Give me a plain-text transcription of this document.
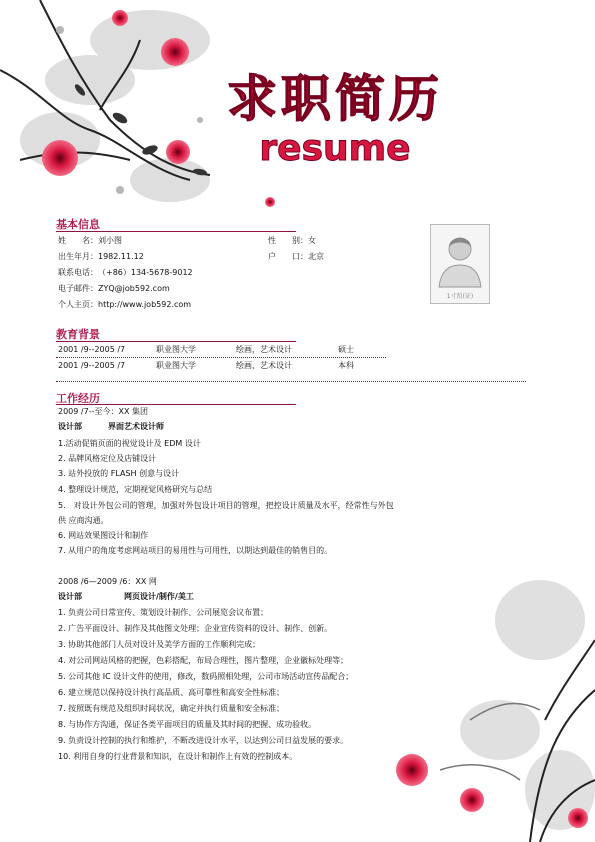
求职简历
resume
基本信息
姓　　名：刘小图	性　　别：女
出生年月：1982.11.12	户　　口：北京
联系电话：（+86）134-5678-9012
电子邮件：ZYQ@job592.com
个人主页：http://www.job592.com
1寸照(证)
教育背景
2001 /9--2005 /7	职业图大学	绘画，艺术设计	硕士
2001 /9--2005 /7	职业图大学	绘画，艺术设计	本科
工作经历
2009 /7--至今：XX 集团
设计部	界面艺术设计师
1.活动促销页面的视觉设计及 EDM 设计
2. 品牌风格定位及店铺设计
3. 站外投放的 FLASH 创意与设计
4. 整理设计规范，定期视觉风格研究与总结
5.　对设计外包公司的管理，加强对外包设计项目的管理，把控设计质量及水平，经常性与外包
供 应商沟通。
6. 网站效果图设计和制作
7. 从用户的角度考虑网站项目的易用性与可用性，以期达到最佳的销售目的。
2008 /6—2009 /6：XX 网
设计部	网页设计/制作/美工
1. 负责公司日常宣传、策划设计制作、公司展览会议布置；
2. 广告平面设计、制作及其他图文处理；企业宣传资料的设计、制作、创新。
3. 协助其他部门人员对设计及美学方面的工作顺利完成；
4. 对公司网站风格的把握，色彩搭配，布局合理性，图片整理，企业徽标处理等；
5. 公司其他 IC 设计文件的使用，修改，数码照相处理，公司市场活动宣传品配合；
6. 建立规范以保持设计执行高品质、高可靠性和高安全性标准；
7. 按照既有规范及组织时间状况，确定并执行质量和安全标准；
8. 与协作方沟通，保证各类平面项目的质量及其时间的把握、成功验收。
9. 负责设计控制的执行和维护，不断改进设计水平，以达到公司日益发展的要求。
10. 利用自身的行业背景和知识，在设计和制作上有效的控制成本。
